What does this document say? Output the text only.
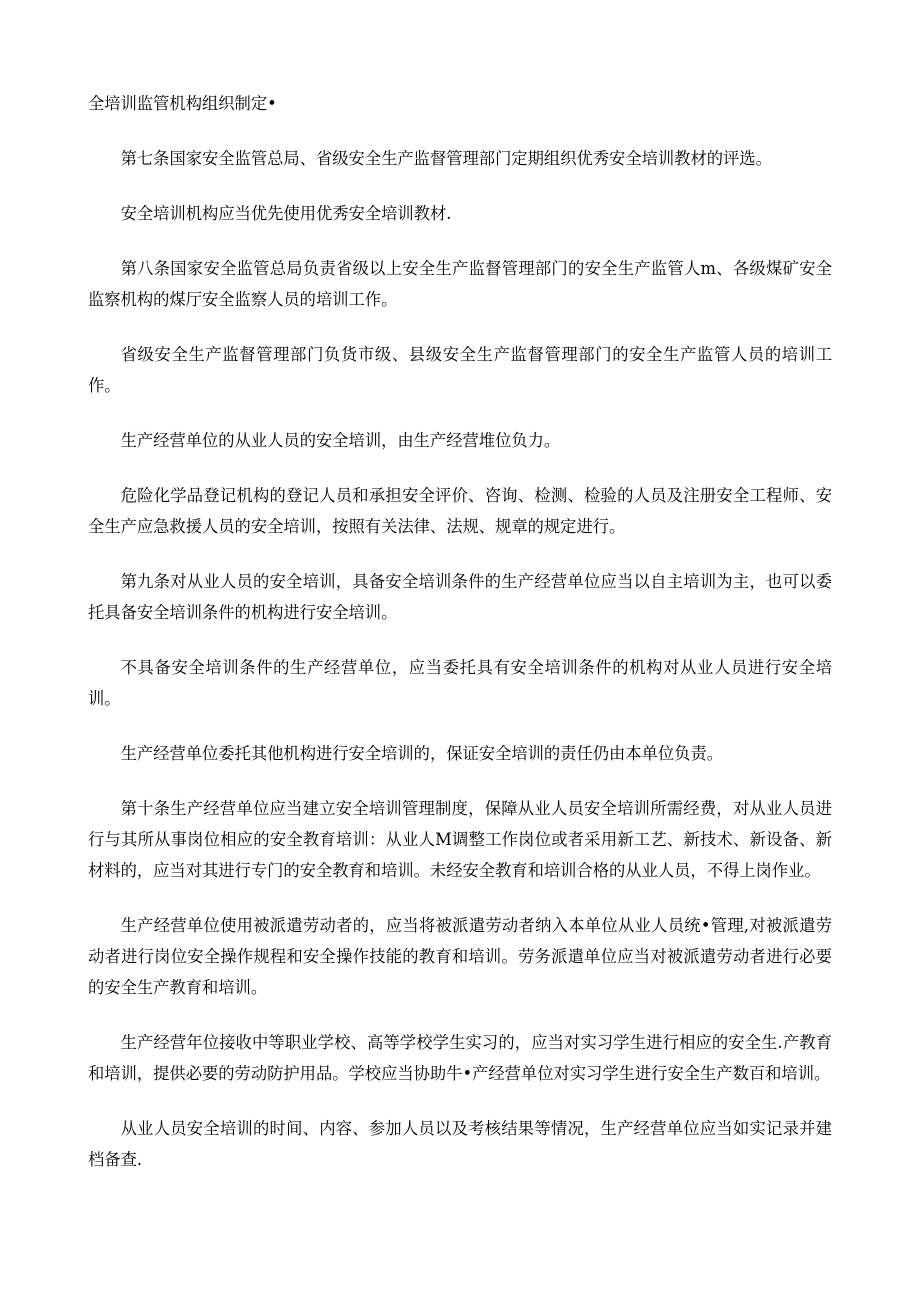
全培训监管机构组织制定•

第七条国家安全监管总局、省级安全生产监督管理部门定期组织优秀安全培训教材的评选。

安全培训机构应当优先使用优秀安全培训教材.

第八条国家安全监管总局负责省级以上安全生产监督管理部门的安全生产监管人m、各级煤矿安全监察机构的煤厅安全监察人员的培训工作。

省级安全生产监督管理部门负货市级、县级安全生产监督管理部门的安全生产监管人员的培训工作。

生产经营单位的从业人员的安全培训，由生产经营堆位负力。

危险化学品登记机构的登记人员和承担安全评价、咨询、检测、检验的人员及注册安全工程师、安全生产应急救援人员的安全培训，按照有关法律、法规、规章的规定进行。

第九条对从业人员的安全培训，具备安全培训条件的生产经营单位应当以自主培训为主，也可以委托具备安全培训条件的机构进行安全培训。

不具备安全培训条件的生产经营单位，应当委托具有安全培训条件的机构对从业人员进行安全培训。

生产经营单位委托其他机构进行安全培训的，保证安全培训的责任仍由本单位负责。

第十条生产经营单位应当建立安全培训管理制度，保障从业人员安全培训所需经费，对从业人员进行与其所从事岗位相应的安全教育培训：从业人M调整工作岗位或者采用新工艺、新技术、新设备、新材料的，应当对其进行专门的安全教育和培训。未经安全教育和培训合格的从业人员，不得上岗作业。

生产经营单位使用被派遣劳动者的，应当将被派遣劳动者纳入本单位从业人员统•管理,对被派遣劳动者进行岗位安全操作规程和安全操作技能的教育和培训。劳务派遣单位应当对被派遣劳动者进行必要的安全生产教育和培训。

生产经营年位接收中等职业学校、高等学校学生实习的，应当对实习学生进行相应的安全生.产教育和培训，提供必要的劳动防护用品。学校应当协助牛•产经营单位对实习学生进行安全生产数百和培训。

从业人员安全培训的时间、内容、参加人员以及考核结果等情况，生产经营单位应当如实记录并建档备查.
